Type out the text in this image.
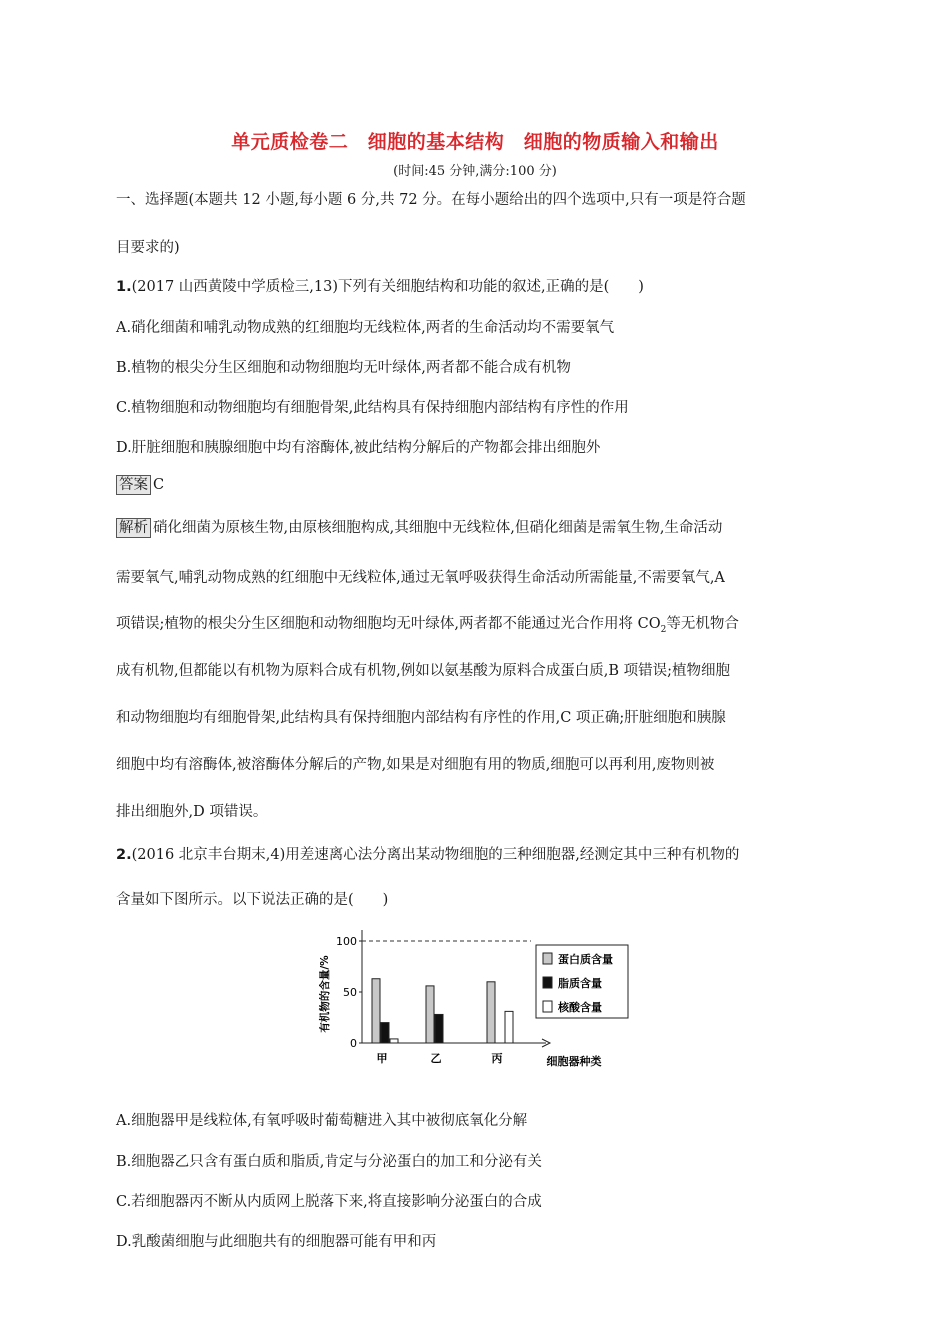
单元质检卷二　细胞的基本结构　细胞的物质输入和输出
(时间:45 分钟,满分:100 分)
一、选择题(本题共 12 小题,每小题 6 分,共 72 分。在每小题给出的四个选项中,只有一项是符合题
目要求的)
1.(2017 山西黄陵中学质检三,13)下列有关细胞结构和功能的叙述,正确的是(　　)
A.硝化细菌和哺乳动物成熟的红细胞均无线粒体,两者的生命活动均不需要氧气
B.植物的根尖分生区细胞和动物细胞均无叶绿体,两者都不能合成有机物
C.植物细胞和动物细胞均有细胞骨架,此结构具有保持细胞内部结构有序性的作用
D.肝脏细胞和胰腺细胞中均有溶酶体,被此结构分解后的产物都会排出细胞外
答案 C
解析 硝化细菌为原核生物,由原核细胞构成,其细胞中无线粒体,但硝化细菌是需氧生物,生命活动
需要氧气,哺乳动物成熟的红细胞中无线粒体,通过无氧呼吸获得生命活动所需能量,不需要氧气,A
项错误;植物的根尖分生区细胞和动物细胞均无叶绿体,两者都不能通过光合作用将 $CO_2$等无机物合
成有机物,但都能以有机物为原料合成有机物,例如以氨基酸为原料合成蛋白质,B 项错误;植物细胞
和动物细胞均有细胞骨架,此结构具有保持细胞内部结构有序性的作用,C 项正确;肝脏细胞和胰腺
细胞中均有溶酶体,被溶酶体分解后的产物,如果是对细胞有用的物质,细胞可以再利用,废物则被
排出细胞外,D 项错误。
2.(2016 北京丰台期末,4)用差速离心法分离出某动物细胞的三种细胞器,经测定其中三种有机物的
含量如下图所示。以下说法正确的是(　　)
0
50
100
甲	乙	丙
有机物的含量/%
细胞器种类
蛋白质含量
脂质含量
核酸含量
A.细胞器甲是线粒体,有氧呼吸时葡萄糖进入其中被彻底氧化分解
B.细胞器乙只含有蛋白质和脂质,肯定与分泌蛋白的加工和分泌有关
C.若细胞器丙不断从内质网上脱落下来,将直接影响分泌蛋白的合成
D.乳酸菌细胞与此细胞共有的细胞器可能有甲和丙
